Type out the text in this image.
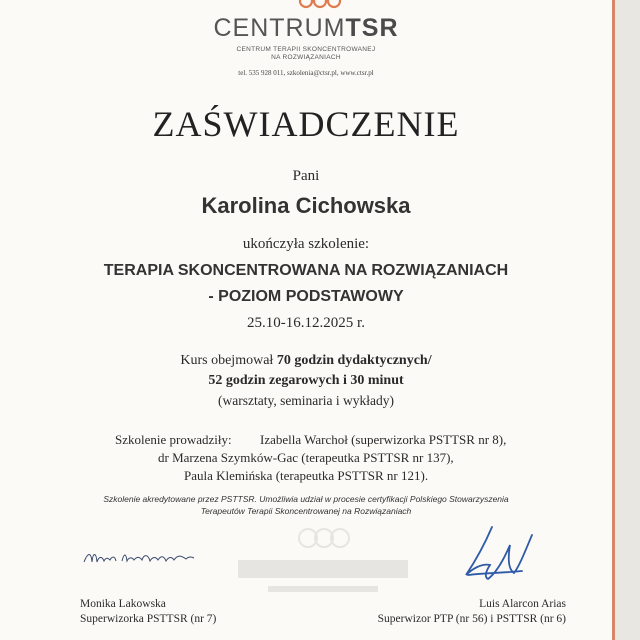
CENTRUMTSR
CENTRUM TERAPII SKONCENTROWANEJ
NA ROZWIĄZANIACH
tel. 535 928 011, szkolenia@ctsr.pl, www.ctsr.pl
ZAŚWIADCZENIE
Pani
Karolina Cichowska
ukończyła szkolenie:
TERAPIA SKONCENTROWANA NA ROZWIĄZANIACH
- POZIOM PODSTAWOWY
25.10-16.12.2025 r.
Kurs obejmował 70 godzin dydaktycznych/
52 godzin zegarowych i 30 minut
(warsztaty, seminaria i wykłady)
Szkolenie prowadziły: Izabella Warchoł (superwizorka PSTTSR nr 8),
dr Marzena Szymków-Gac (terapeutka PSTTSR nr 137),
Paula Klemińska (terapeutka PSTTSR nr 121).
Szkolenie akredytowane przez PSTTSR. Umożliwia udział w procesie certyfikacji Polskiego Stowarzyszenia
Terapeutów Terapii Skoncentrowanej na Rozwiązaniach
Monika Lakowska
Superwizorka PSTTSR (nr 7)
Luis Alarcon Arias
Superwizor PTP (nr 56) i PSTTSR (nr 6)
